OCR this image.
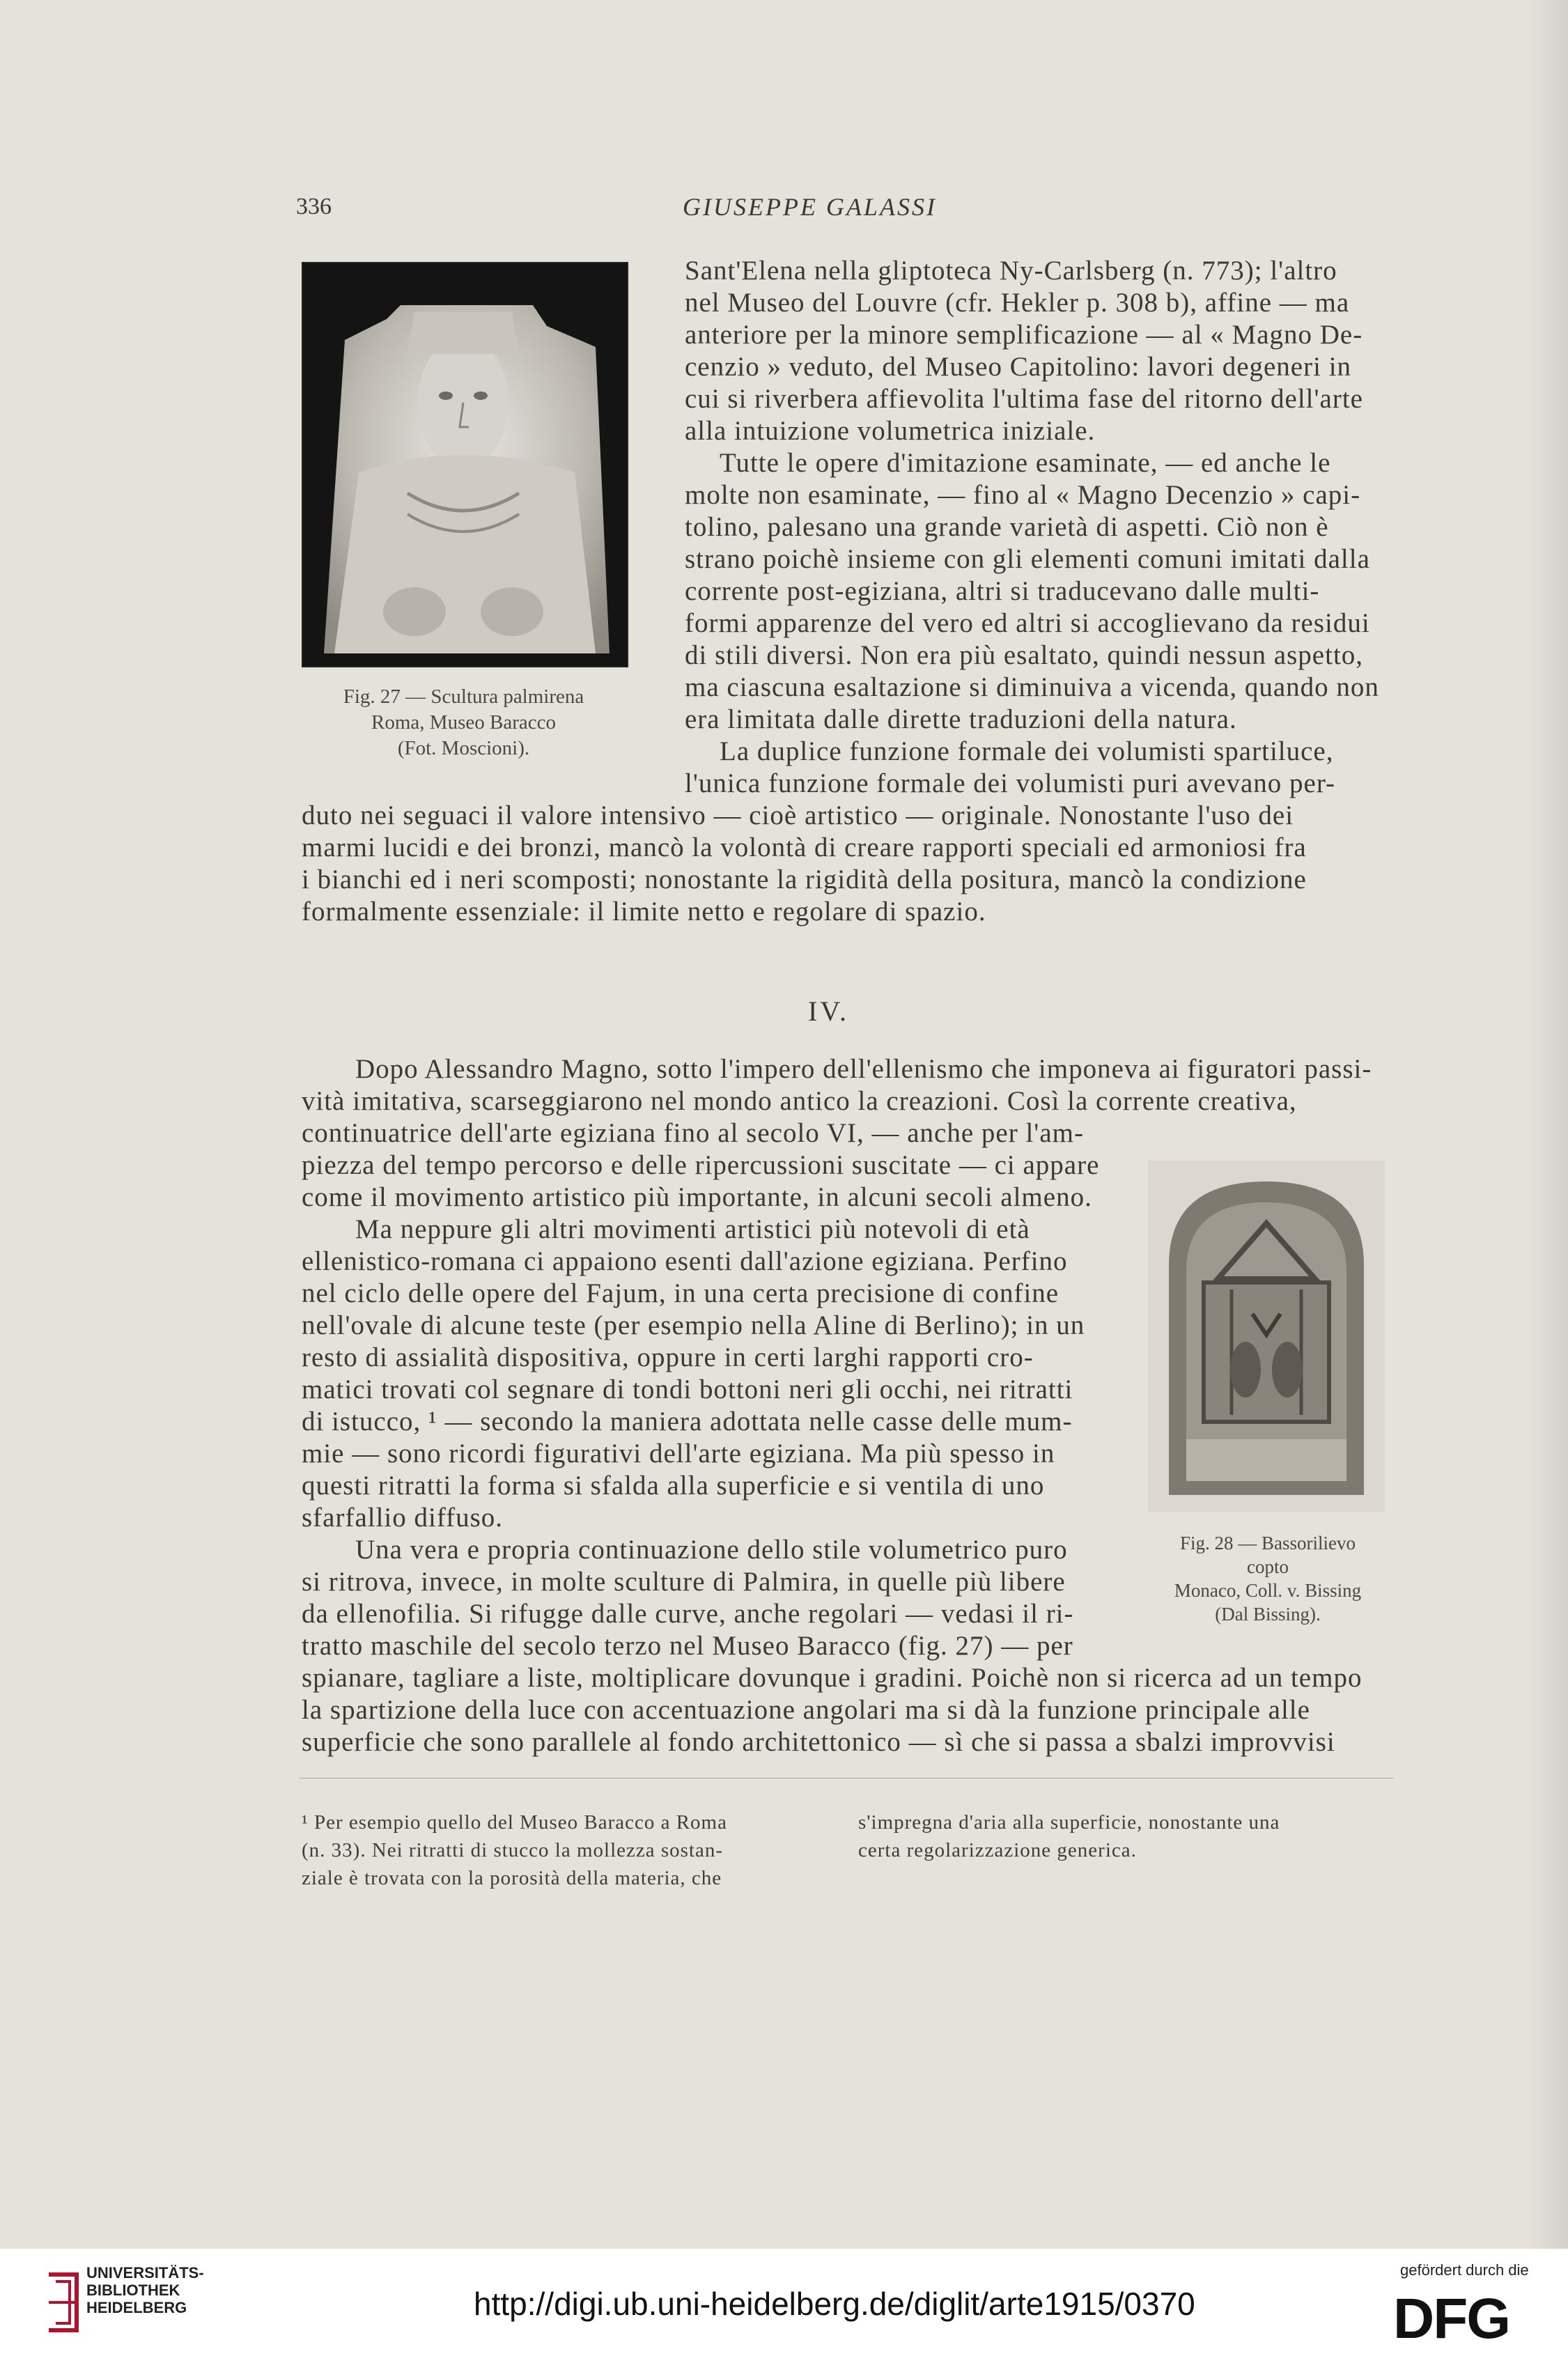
336	GIUSEPPE GALASSI
Fig. 27 — Scultura palmirena
Roma, Museo Baracco
(Fot. Moscioni).
Sant'Elena nella gliptoteca Ny-Carlsberg (n. 773); l'altro
nel Museo del Louvre (cfr. Hekler p. 308 b), affine — ma
anteriore per la minore semplificazione — al « Magno De-
cenzio » veduto, del Museo Capitolino: lavori degeneri in
cui si riverbera affievolita l'ultima fase del ritorno dell'arte
alla intuizione volumetrica iniziale.
Tutte le opere d'imitazione esaminate, — ed anche le
molte non esaminate, — fino al « Magno Decenzio » capi-
tolino, palesano una grande varietà di aspetti. Ciò non è
strano poichè insieme con gli elementi comuni imitati dalla
corrente post-egiziana, altri si traducevano dalle multi-
formi apparenze del vero ed altri si accoglievano da residui
di stili diversi. Non era più esaltato, quindi nessun aspetto,
ma ciascuna esaltazione si diminuiva a vicenda, quando non
era limitata dalle dirette traduzioni della natura.
La duplice funzione formale dei volumisti spartiluce,
l'unica funzione formale dei volumisti puri avevano per-
duto nei seguaci il valore intensivo — cioè artistico — originale. Nonostante l'uso dei
marmi lucidi e dei bronzi, mancò la volontà di creare rapporti speciali ed armoniosi fra
i bianchi ed i neri scomposti; nonostante la rigidità della positura, mancò la condizione
formalmente essenziale: il limite netto e regolare di spazio.
IV.
Dopo Alessandro Magno, sotto l'impero dell'ellenismo che imponeva ai figuratori passi-
vità imitativa, scarseggiarono nel mondo antico la creazioni. Così la corrente creativa,
continuatrice dell'arte egiziana fino al secolo VI, — anche per l'am-
piezza del tempo percorso e delle ripercussioni suscitate — ci appare
come il movimento artistico più importante, in alcuni secoli almeno.
Ma neppure gli altri movimenti artistici più notevoli di età
ellenistico-romana ci appaiono esenti dall'azione egiziana. Perfino
nel ciclo delle opere del Fajum, in una certa precisione di confine
nell'ovale di alcune teste (per esempio nella Aline di Berlino); in un
resto di assialità dispositiva, oppure in certi larghi rapporti cro-
matici trovati col segnare di tondi bottoni neri gli occhi, nei ritratti
di istucco, ¹ — secondo la maniera adottata nelle casse delle mum-
mie — sono ricordi figurativi dell'arte egiziana. Ma più spesso in
questi ritratti la forma si sfalda alla superficie e si ventila di uno
sfarfallio diffuso.
Una vera e propria continuazione dello stile volumetrico puro
si ritrova, invece, in molte sculture di Palmira, in quelle più libere
da ellenofilia. Si rifugge dalle curve, anche regolari — vedasi il ri-
tratto maschile del secolo terzo nel Museo Baracco (fig. 27) — per
spianare, tagliare a liste, moltiplicare dovunque i gradini. Poichè non si ricerca ad un tempo
la spartizione della luce con accentuazione angolari ma si dà la funzione principale alle
superficie che sono parallele al fondo architettonico — sì che si passa a sbalzi improvvisi
Fig. 28 — Bassorilievo
copto
Monaco, Coll. v. Bissing
(Dal Bissing).
¹ Per esempio quello del Museo Baracco a Roma
(n. 33). Nei ritratti di stucco la mollezza sostan-
ziale è trovata con la porosità della materia, che
s'impregna d'aria alla superficie, nonostante una
certa regolarizzazione generica.
UNIVERSITÄTS-
BIBLIOTHEK
HEIDELBERG	http://digi.ub.uni-heidelberg.de/diglit/arte1915/0370
gefördert durch die
DFG
